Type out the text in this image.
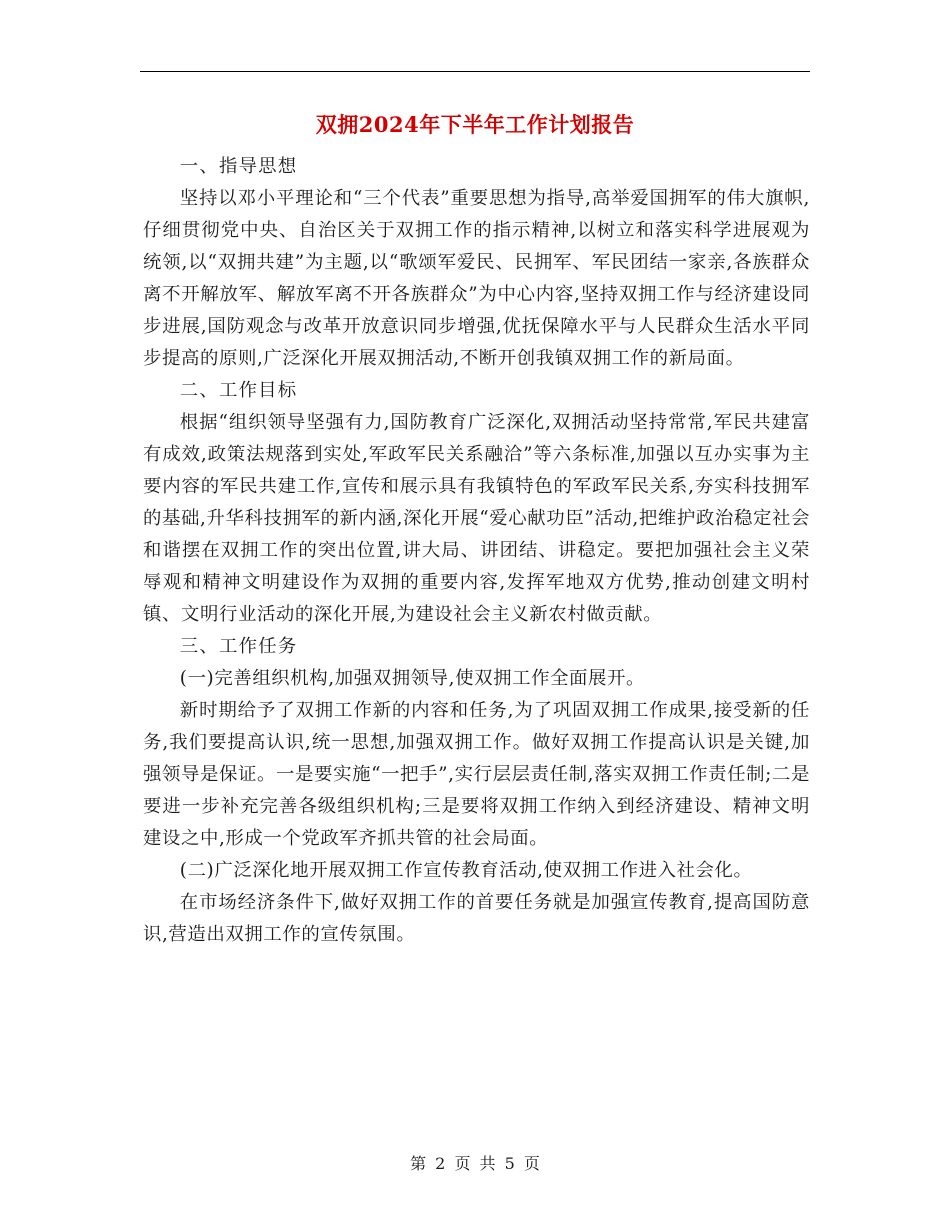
双拥2024年下半年工作计划报告

一、指导思想

坚持以邓小平理论和“三个代表”重要思想为指导,高举爱国拥军的伟大旗帜,仔细贯彻党中央、自治区关于双拥工作的指示精神,以树立和落实科学进展观为统领,以“双拥共建”为主题,以“歌颂军爱民、民拥军、军民团结一家亲,各族群众离不开解放军、解放军离不开各族群众”为中心内容,坚持双拥工作与经济建设同步进展,国防观念与改革开放意识同步增强,优抚保障水平与人民群众生活水平同步提高的原则,广泛深化开展双拥活动,不断开创我镇双拥工作的新局面。

二、工作目标

根据“组织领导坚强有力,国防教育广泛深化,双拥活动坚持常常,军民共建富有成效,政策法规落到实处,军政军民关系融洽”等六条标准,加强以互办实事为主要内容的军民共建工作,宣传和展示具有我镇特色的军政军民关系,夯实科技拥军的基础,升华科技拥军的新内涵,深化开展“爱心献功臣”活动,把维护政治稳定社会和谐摆在双拥工作的突出位置,讲大局、讲团结、讲稳定。要把加强社会主义荣辱观和精神文明建设作为双拥的重要内容,发挥军地双方优势,推动创建文明村镇、文明行业活动的深化开展,为建设社会主义新农村做贡献。

三、工作任务

(一)完善组织机构,加强双拥领导,使双拥工作全面展开。

新时期给予了双拥工作新的内容和任务,为了巩固双拥工作成果,接受新的任务,我们要提高认识,统一思想,加强双拥工作。做好双拥工作提高认识是关键,加强领导是保证。一是要实施“一把手”,实行层层责任制,落实双拥工作责任制;二是要进一步补充完善各级组织机构;三是要将双拥工作纳入到经济建设、精神文明建设之中,形成一个党政军齐抓共管的社会局面。

(二)广泛深化地开展双拥工作宣传教育活动,使双拥工作进入社会化。

在市场经济条件下,做好双拥工作的首要任务就是加强宣传教育,提高国防意识,营造出双拥工作的宣传氛围。

第 2 页 共 5 页
